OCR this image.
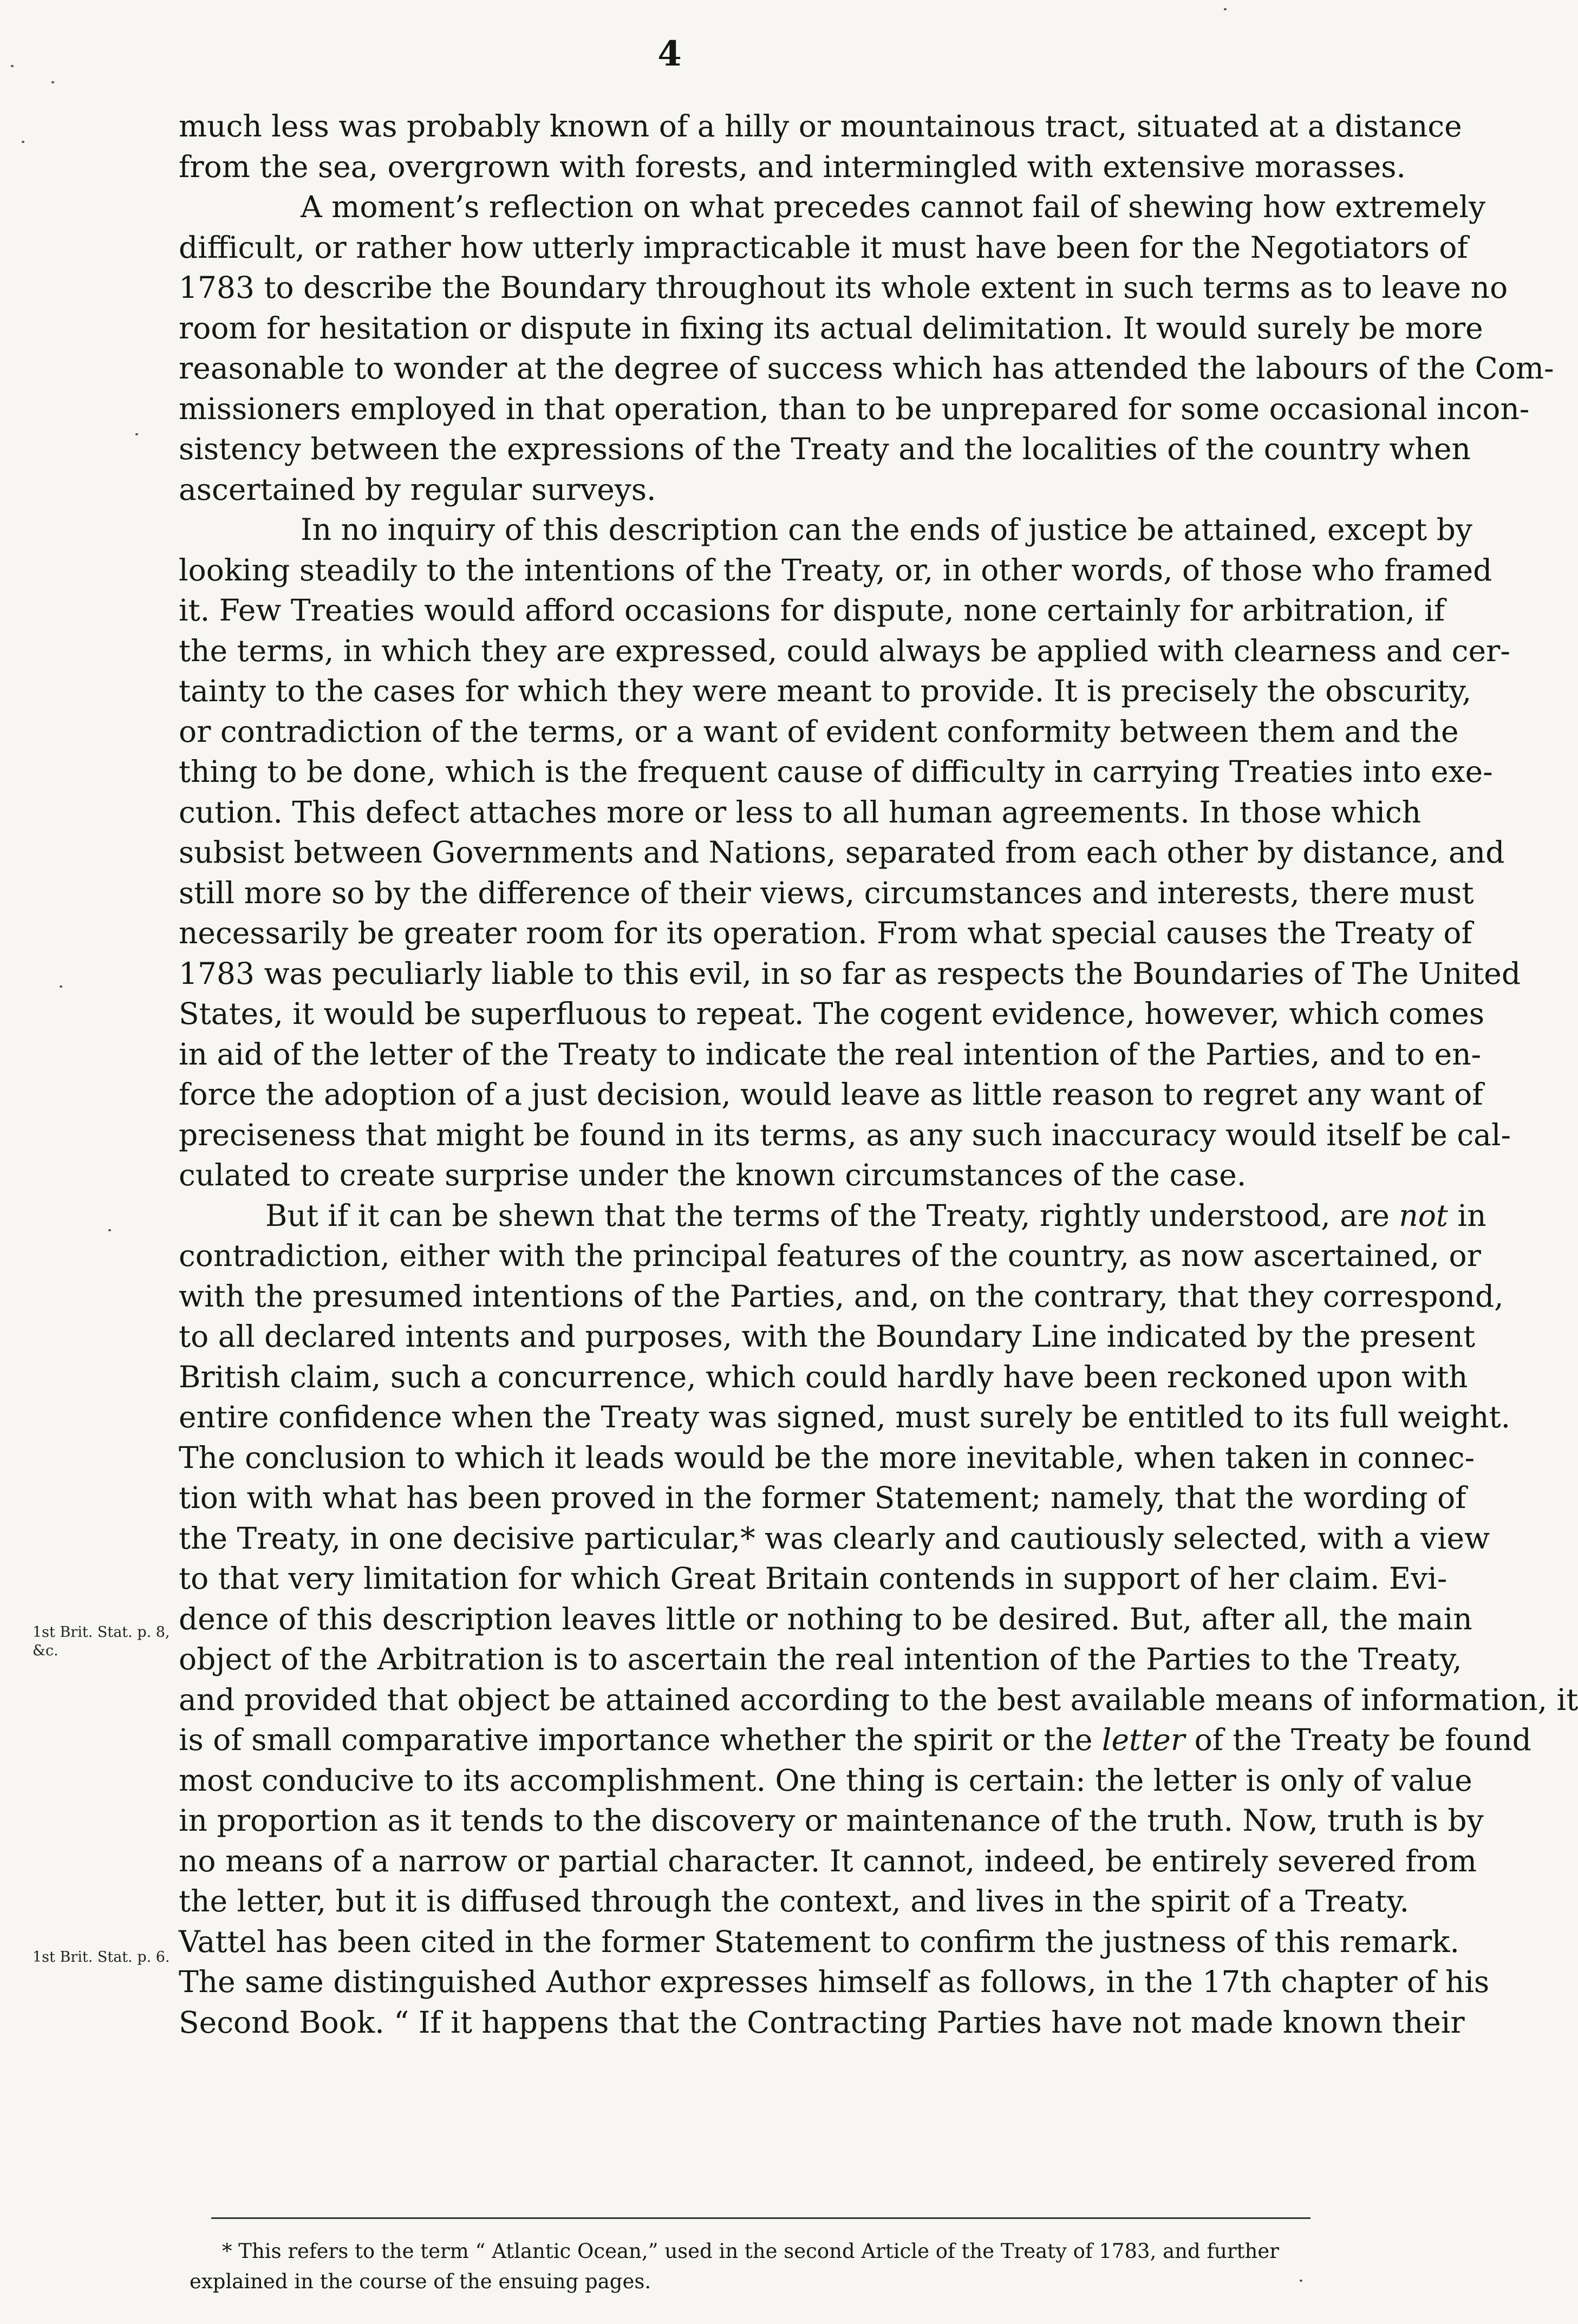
4
much less was probably known of a hilly or mountainous tract, situated at a distance
from the sea, overgrown with forests, and intermingled with extensive morasses.
A moment’s reflection on what precedes cannot fail of shewing how extremely
difficult, or rather how utterly impracticable it must have been for the Negotiators of
1783 to describe the Boundary throughout its whole extent in such terms as to leave no
room for hesitation or dispute in fixing its actual delimitation. It would surely be more
reasonable to wonder at the degree of success which has attended the labours of the Com-
missioners employed in that operation, than to be unprepared for some occasional incon-
sistency between the expressions of the Treaty and the localities of the country when
ascertained by regular surveys.
In no inquiry of this description can the ends of justice be attained, except by
looking steadily to the intentions of the Treaty, or, in other words, of those who framed
it. Few Treaties would afford occasions for dispute, none certainly for arbitration, if
the terms, in which they are expressed, could always be applied with clearness and cer-
tainty to the cases for which they were meant to provide. It is precisely the obscurity,
or contradiction of the terms, or a want of evident conformity between them and the
thing to be done, which is the frequent cause of difficulty in carrying Treaties into exe-
cution. This defect attaches more or less to all human agreements. In those which
subsist between Governments and Nations, separated from each other by distance, and
still more so by the difference of their views, circumstances and interests, there must
necessarily be greater room for its operation. From what special causes the Treaty of
1783 was peculiarly liable to this evil, in so far as respects the Boundaries of The United
States, it would be superfluous to repeat. The cogent evidence, however, which comes
in aid of the letter of the Treaty to indicate the real intention of the Parties, and to en-
force the adoption of a just decision, would leave as little reason to regret any want of
preciseness that might be found in its terms, as any such inaccuracy would itself be cal-
culated to create surprise under the known circumstances of the case.
But if it can be shewn that the terms of the Treaty, rightly understood, are not in
contradiction, either with the principal features of the country, as now ascertained, or
with the presumed intentions of the Parties, and, on the contrary, that they correspond,
to all declared intents and purposes, with the Boundary Line indicated by the present
British claim, such a concurrence, which could hardly have been reckoned upon with
entire confidence when the Treaty was signed, must surely be entitled to its full weight.
The conclusion to which it leads would be the more inevitable, when taken in connec-
tion with what has been proved in the former Statement; namely, that the wording of
the Treaty, in one decisive particular,* was clearly and cautiously selected, with a view
to that very limitation for which Great Britain contends in support of her claim. Evi-
dence of this description leaves little or nothing to be desired. But, after all, the main
object of the Arbitration is to ascertain the real intention of the Parties to the Treaty,
and provided that object be attained according to the best available means of information, it
is of small comparative importance whether the spirit or the letter of the Treaty be found
most conducive to its accomplishment. One thing is certain: the letter is only of value
in proportion as it tends to the discovery or maintenance of the truth. Now, truth is by
no means of a narrow or partial character. It cannot, indeed, be entirely severed from
the letter, but it is diffused through the context, and lives in the spirit of a Treaty.
Vattel has been cited in the former Statement to confirm the justness of this remark.
The same distinguished Author expresses himself as follows, in the 17th chapter of his
Second Book. “ If it happens that the Contracting Parties have not made known their
1st Brit. Stat. p. 8, &c.
1st Brit. Stat. p. 6.
* This refers to the term “ Atlantic Ocean,” used in the second Article of the Treaty of 1783, and further
explained in the course of the ensuing pages.
